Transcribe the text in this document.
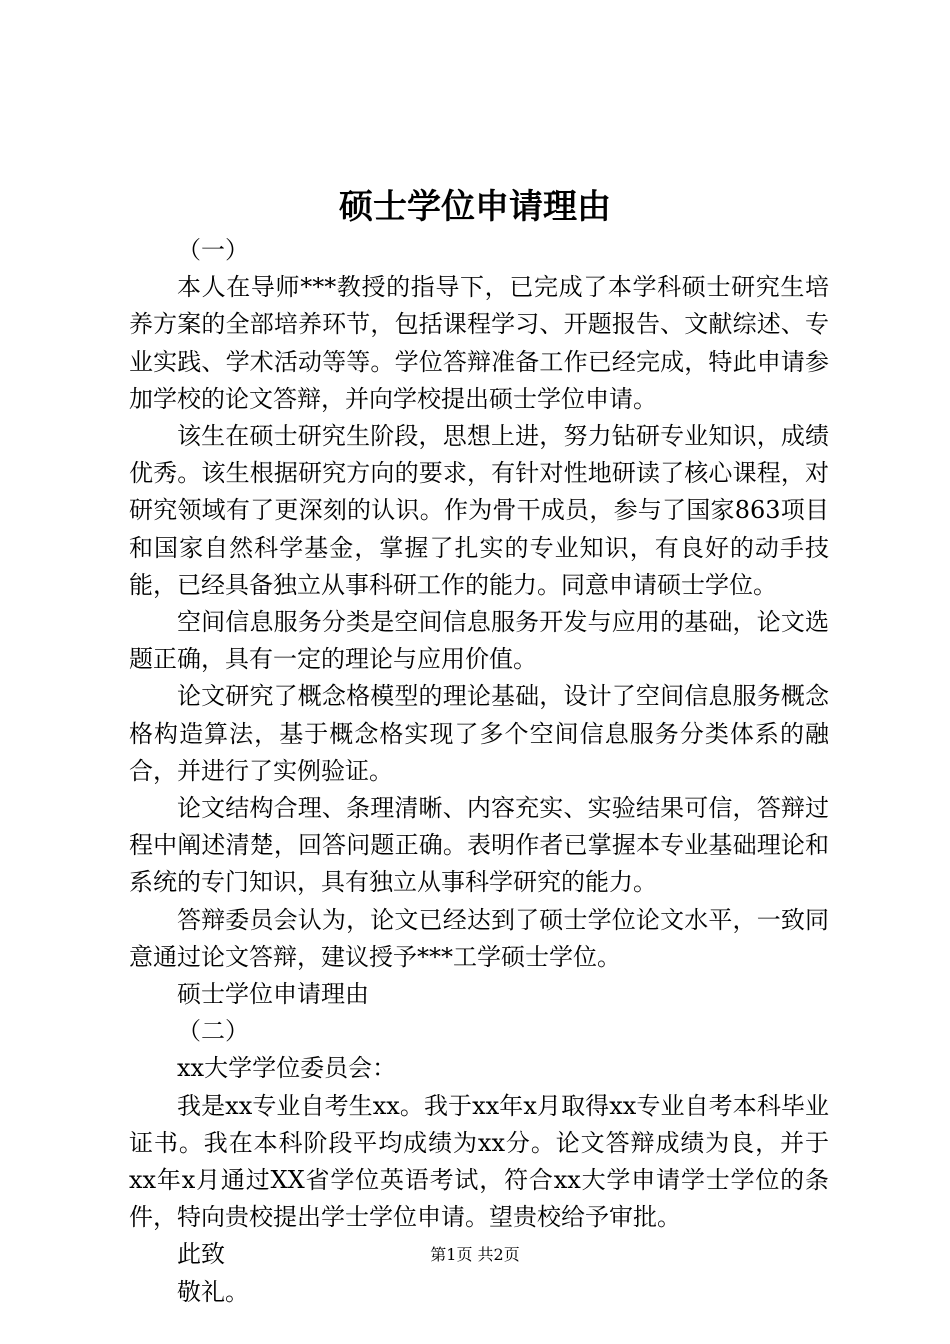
硕士学位申请理由

（一）

本人在导师***教授的指导下，已完成了本学科硕士研究生培养方案的全部培养环节，包括课程学习、开题报告、文献综述、专业实践、学术活动等等。学位答辩准备工作已经完成，特此申请参加学校的论文答辩，并向学校提出硕士学位申请。

该生在硕士研究生阶段，思想上进，努力钻研专业知识，成绩优秀。该生根据研究方向的要求，有针对性地研读了核心课程，对研究领域有了更深刻的认识。作为骨干成员，参与了国家863项目和国家自然科学基金，掌握了扎实的专业知识，有良好的动手技能，已经具备独立从事科研工作的能力。同意申请硕士学位。

空间信息服务分类是空间信息服务开发与应用的基础，论文选题正确，具有一定的理论与应用价值。

论文研究了概念格模型的理论基础，设计了空间信息服务概念格构造算法，基于概念格实现了多个空间信息服务分类体系的融合，并进行了实例验证。

论文结构合理、条理清晰、内容充实、实验结果可信，答辩过程中阐述清楚，回答问题正确。表明作者已掌握本专业基础理论和系统的专门知识，具有独立从事科学研究的能力。

答辩委员会认为，论文已经达到了硕士学位论文水平，一致同意通过论文答辩，建议授予***工学硕士学位。

硕士学位申请理由

（二）

xx大学学位委员会：

我是xx专业自考生xx。我于xx年x月取得xx专业自考本科毕业证书。我在本科阶段平均成绩为xx分。论文答辩成绩为良，并于xx年x月通过XX省学位英语考试，符合xx大学申请学士学位的条件，特向贵校提出学士学位申请。望贵校给予审批。

此致

敬礼。

第1页 共2页
